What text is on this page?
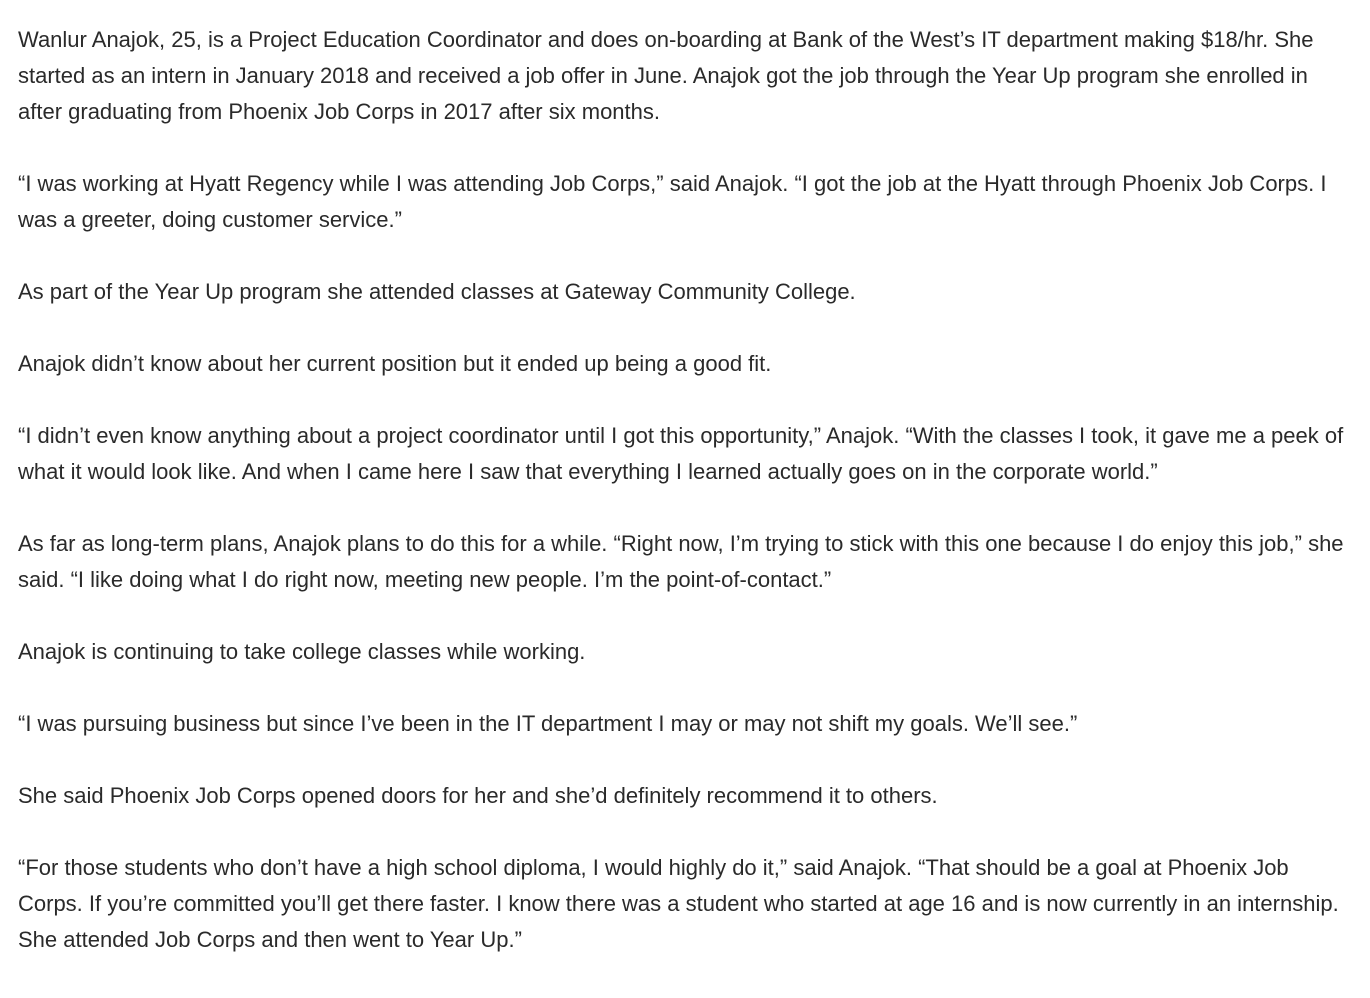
Wanlur Anajok, 25, is a Project Education Coordinator and does on-boarding at Bank of the West’s IT department making $18/hr. She started as an intern in January 2018 and received a job offer in June. Anajok got the job through the Year Up program she enrolled in after graduating from Phoenix Job Corps in 2017 after six months.

“I was working at Hyatt Regency while I was attending Job Corps,” said Anajok. “I got the job at the Hyatt through Phoenix Job Corps. I was a greeter, doing customer service.”

As part of the Year Up program she attended classes at Gateway Community College.

Anajok didn’t know about her current position but it ended up being a good fit.

“I didn’t even know anything about a project coordinator until I got this opportunity,” Anajok. “With the classes I took, it gave me a peek of what it would look like. And when I came here I saw that everything I learned actually goes on in the corporate world.”

As far as long-term plans, Anajok plans to do this for a while. “Right now, I’m trying to stick with this one because I do enjoy this job,” she said. “I like doing what I do right now, meeting new people. I’m the point-of-contact.”

Anajok is continuing to take college classes while working.

“I was pursuing business but since I’ve been in the IT department I may or may not shift my goals. We’ll see.”

She said Phoenix Job Corps opened doors for her and she’d definitely recommend it to others.

“For those students who don’t have a high school diploma, I would highly do it,” said Anajok. “That should be a goal at Phoenix Job Corps. If you’re committed you’ll get there faster. I know there was a student who started at age 16 and is now currently in an internship. She attended Job Corps and then went to Year Up.”
